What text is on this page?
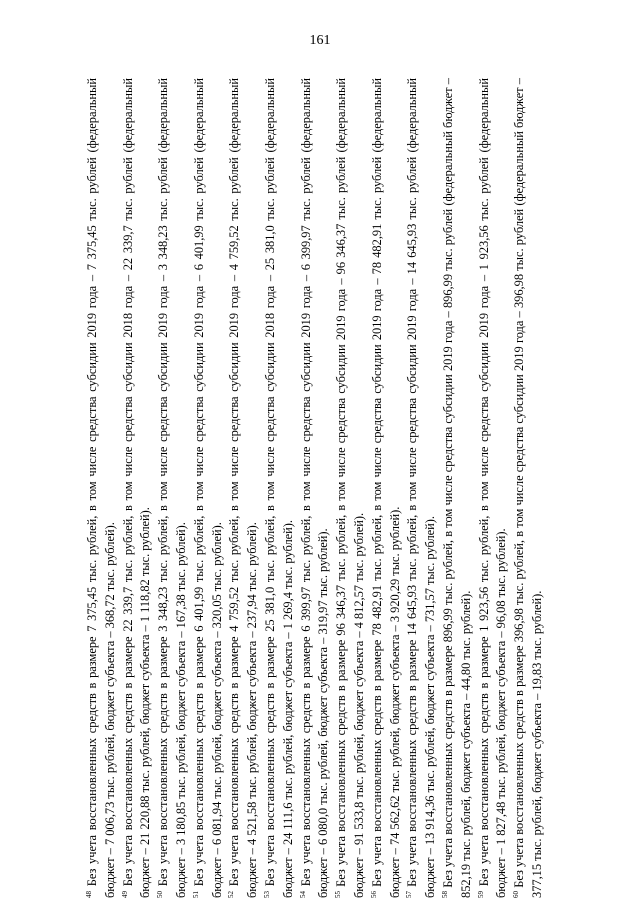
161
$^{48}$ Без учета восстановленных средств в размере 7 375,45 тыс. рублей, в том числе средства субсидии 2019 года – 7 375,45 тыс. рублей (федеральный бюджет – 7 006,73 тыс. рублей, бюджет субъекта – 368,72 тыс. рублей). $^{49}$ Без учета восстановленных средств в размере 22 339,7 тыс. рублей, в том числе средства субсидии 2018 года – 22 339,7 тыс. рублей (федеральный бюджет – 21 220,88 тыс. рублей, бюджет субъекта – 1 118,82 тыс. рублей). $^{50}$ Без учета восстановленных средств в размере 3 348,23 тыс. рублей, в том числе средства субсидии 2019 года – 3 348,23 тыс. рублей (федеральный бюджет – 3 180,85 тыс. рублей, бюджет субъекта – 167,38 тыс. рублей). $^{51}$ Без учета восстановленных средств в размере 6 401,99 тыс. рублей, в том числе средства субсидии 2019 года – 6 401,99 тыс. рублей (федеральный бюджет – 6 081,94 тыс. рублей, бюджет субъекта – 320,05 тыс. рублей). $^{52}$ Без учета восстановленных средств в размере 4 759,52 тыс. рублей, в том числе средства субсидии 2019 года – 4 759,52 тыс. рублей (федеральный бюджет – 4 521,58 тыс. рублей, бюджет субъекта – 237,94 тыс. рублей). $^{53}$ Без учета восстановленных средств в размере 25 381,0 тыс. рублей, в том числе средства субсидии 2018 года – 25 381,0 тыс. рублей (федеральный бюджет – 24 111,6 тыс. рублей, бюджет субъекта – 1 269,4 тыс. рублей). $^{54}$ Без учета восстановленных средств в размере 6 399,97 тыс. рублей, в том числе средства субсидии 2019 года – 6 399,97 тыс. рублей (федеральный бюджет – 6 080,0 тыс. рублей, бюджет субъекта – 319,97 тыс. рублей). $^{55}$ Без учета восстановленных средств в размере 96 346,37 тыс. рублей, в том числе средства субсидии 2019 года – 96 346,37 тыс. рублей (федеральный бюджет – 91 533,8 тыс. рублей, бюджет субъекта – 4 812,57 тыс. рублей). $^{56}$ Без учета восстановленных средств в размере 78 482,91 тыс. рублей, в том числе средства субсидии 2019 года – 78 482,91 тыс. рублей (федеральный бюджет – 74 562,62 тыс. рублей, бюджет субъекта – 3 920,29 тыс. рублей). $^{57}$ Без учета восстановленных средств в размере 14 645,93 тыс. рублей, в том числе средства субсидии 2019 года – 14 645,93 тыс. рублей (федеральный бюджет – 13 914,36 тыс. рублей, бюджет субъекта – 731,57 тыс. рублей). $^{58}$ Без учета восстановленных средств в размере 896,99 тыс. рублей, в том числе средства субсидии 2019 года – 896,99 тыс. рублей (федеральный бюджет – 852,19 тыс. рублей, бюджет субъекта – 44,80 тыс. рублей). $^{59}$ Без учета восстановленных средств в размере 1 923,56 тыс. рублей, в том числе средства субсидии 2019 года – 1 923,56 тыс. рублей (федеральный бюджет – 1 827,48 тыс. рублей, бюджет субъекта – 96,08 тыс. рублей). $^{60}$ Без учета восстановленных средств в размере 396,98 тыс. рублей, в том числе средства субсидии 2019 года – 396,98 тыс. рублей (федеральный бюджет – 377,15 тыс. рублей, бюджет субъекта – 19,83 тыс. рублей).
